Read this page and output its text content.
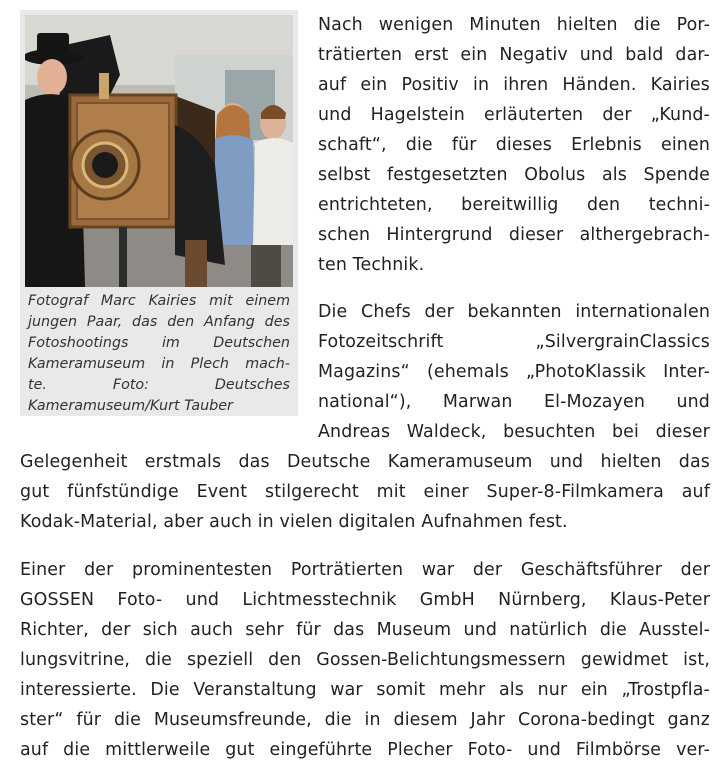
Fotograf Marc Kairies mit einem
jungen Paar, das den Anfang des
Fotoshootings im Deutschen
Kameramuseum in Plech mach-
te. Foto: Deutsches
Kameramuseum/Kurt Tauber
Nach wenigen Minuten hielten die Por-
trätierten erst ein Negativ und bald dar-
auf ein Positiv in ihren Händen. Kairies
und Hagelstein erläuterten der „Kund-
schaft“, die für dieses Erlebnis einen
selbst festgesetzten Obolus als Spende
entrichteten, bereitwillig den techni-
schen Hintergrund dieser althergebrach-
ten Technik.
Die Chefs der bekannten internationalen
Fotozeitschrift „SilvergrainClassics
Magazins“ (ehemals „PhotoKlassik Inter-
national“), Marwan El-Mozayen und
Andreas Waldeck, besuchten bei dieser
Gelegenheit erstmals das Deutsche Kameramuseum und hielten das
gut fünfstündige Event stilgerecht mit einer Super-8-Filmkamera auf
Kodak-Material, aber auch in vielen digitalen Aufnahmen fest.
Einer der prominentesten Porträtierten war der Geschäftsführer der
GOSSEN Foto- und Lichtmesstechnik GmbH Nürnberg, Klaus-Peter
Richter, der sich auch sehr für das Museum und natürlich die Ausstel-
lungsvitrine, die speziell den Gossen-Belichtungsmessern gewidmet ist,
interessierte. Die Veranstaltung war somit mehr als nur ein „Trostpfla-
ster“ für die Museumsfreunde, die in diesem Jahr Corona-bedingt ganz
auf die mittlerweile gut eingeführte Plecher Foto- und Filmbörse ver-
